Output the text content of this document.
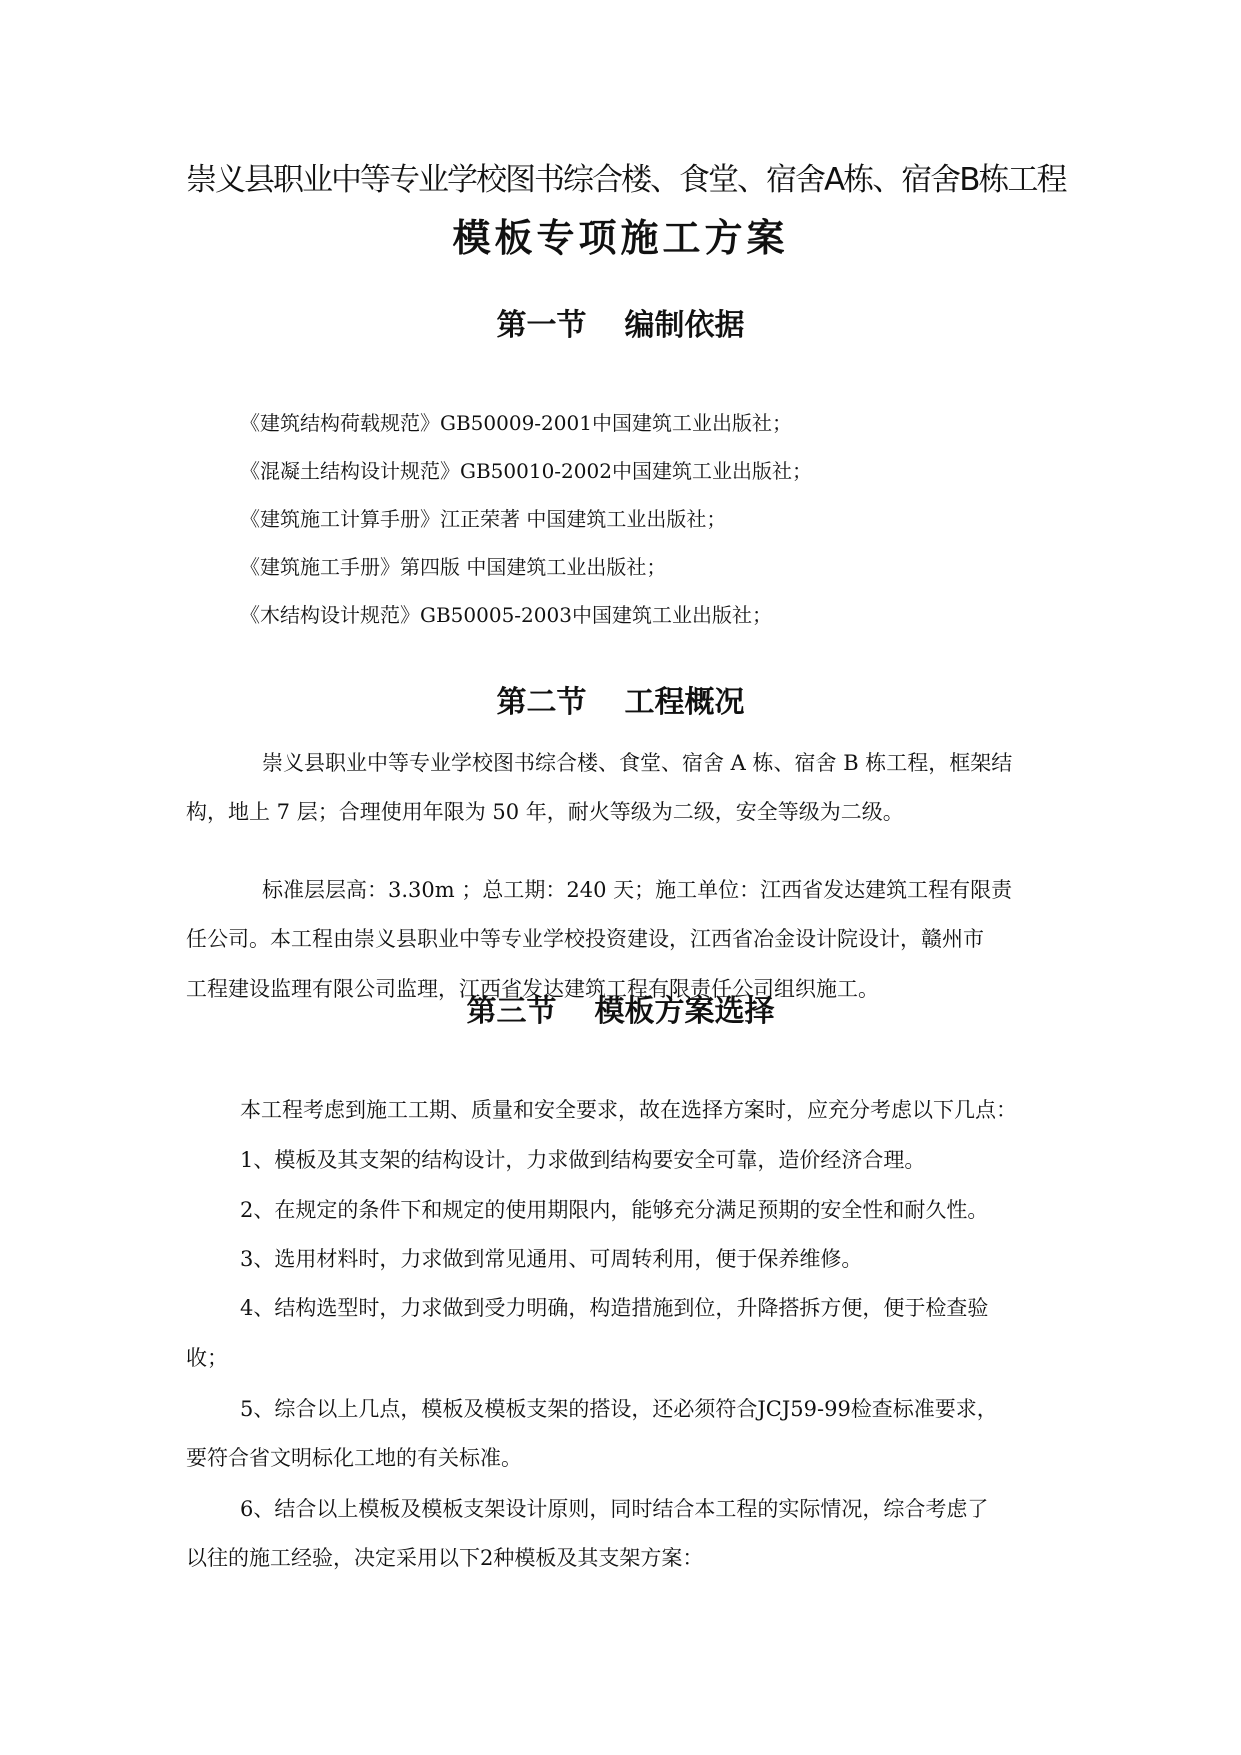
崇义县职业中等专业学校图书综合楼、食堂、宿舍A栋、宿舍B栋工程
模板专项施工方案
第一节 编制依据
《建筑结构荷载规范》GB50009-2001中国建筑工业出版社；
《混凝土结构设计规范》GB50010-2002中国建筑工业出版社；
《建筑施工计算手册》江正荣著 中国建筑工业出版社；
《建筑施工手册》第四版 中国建筑工业出版社；
《木结构设计规范》GB50005-2003中国建筑工业出版社；
第二节 工程概况
崇义县职业中等专业学校图书综合楼、食堂、宿舍 A 栋、宿舍 B 栋工程，框架结
构，地上 7 层；合理使用年限为 50 年，耐火等级为二级，安全等级为二级。
标准层层高：3.30m ；总工期：240 天；施工单位：江西省发达建筑工程有限责
任公司。本工程由崇义县职业中等专业学校投资建设，江西省冶金设计院设计，赣州市
工程建设监理有限公司监理，江西省发达建筑工程有限责任公司组织施工。
第三节 模板方案选择
本工程考虑到施工工期、质量和安全要求，故在选择方案时，应充分考虑以下几点：
1、模板及其支架的结构设计，力求做到结构要安全可靠，造价经济合理。
2、在规定的条件下和规定的使用期限内，能够充分满足预期的安全性和耐久性。
3、选用材料时，力求做到常见通用、可周转利用，便于保养维修。
4、结构选型时，力求做到受力明确，构造措施到位，升降搭拆方便，便于检查验
收；
5、综合以上几点，模板及模板支架的搭设，还必须符合JCJ59-99检查标准要求，
要符合省文明标化工地的有关标准。
6、结合以上模板及模板支架设计原则，同时结合本工程的实际情况，综合考虑了
以往的施工经验，决定采用以下2种模板及其支架方案：
